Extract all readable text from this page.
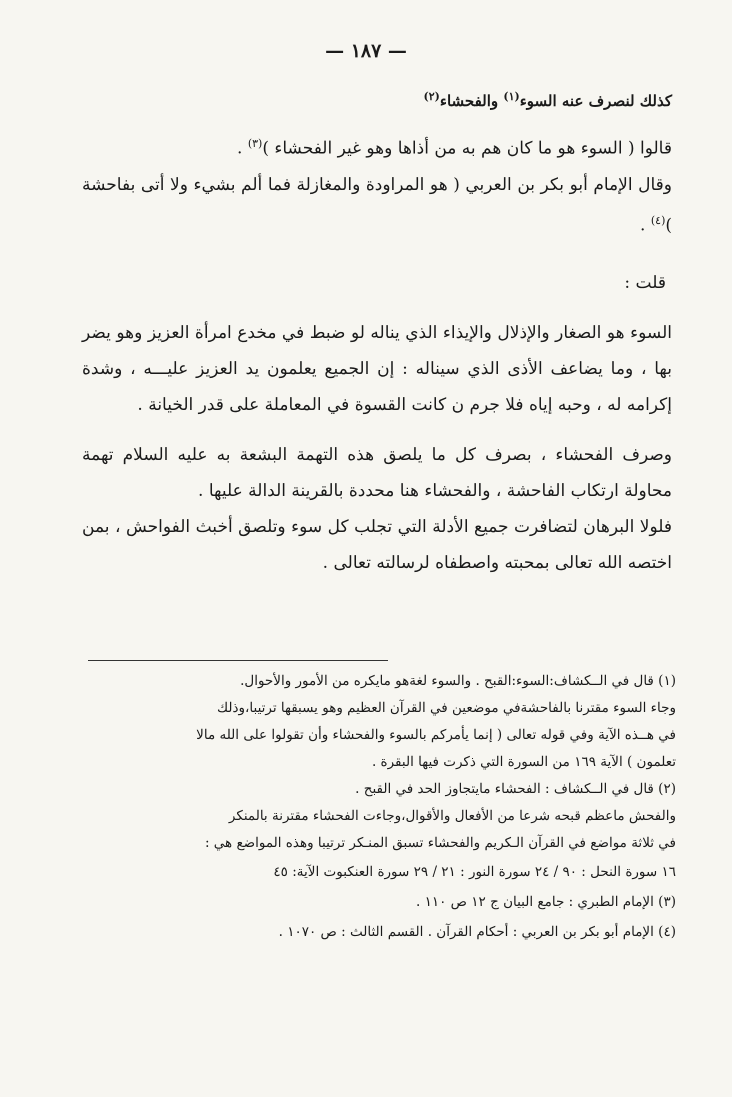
— ١٨٧ —

كذلك لنصرف عنه السوء$^{(١)}$ والفحشاء$^{(٢)}$

قالوا ( السوء هو ما كان هم به من أذاها وهو غير الفحشاء )$^{(٣)}$ .

وقال الإمام أبو بكر بن العربي ( هو المراودة والمغازلة فما ألم بشيء ولا أتى بفاحشة )$^{(٤)}$ .

قلت :

السوء هو الصغار والإذلال والإيذاء الذي يناله لو ضبط في مخدع امرأة العزيز وهو يضر بها ، وما يضاعف الأذى الذي سيناله : إن الجميع يعلمون يد العزيز عليـــه ، وشدة إكرامه له ، وحبه إياه فلا جرم ن كانت القسوة في المعاملة على قدر الخيانة .

وصرف الفحشاء ، بصرف كل ما يلصق هذه التهمة البشعة به عليه السلام تهمة محاولة ارتكاب الفاحشة ، والفحشاء هنا محددة بالقرينة الدالة عليها .

فلولا البرهان لتضافرت جميع الأدلة التي تجلب كل سوء وتلصق أخبث الفواحش ، بمن اختصه الله تعالى بمحبته واصطفاه لرسالته تعالى .

(١) قال في الــكشاف:السوء:القبح . والسوء لغةهو مايكره من الأمور والأحوال.

وجاء السوء مقترنا بالفاحشةفي موضعين في القرآن العظيم وهو يسبقها ترتيبا،وذلك

في هــذه الآية وفي قوله تعالى ( إنما يأمركم بالسوء والفحشاء وأن تقولوا على الله مالا

تعلمون ) الآية ١٦٩ من السورة التي ذكرت فيها البقرة .

(٢) قال في الــكشاف : الفحشاء مايتجاوز الحد في القبح .

والفحش ماعظم قبحه شرعا من الأفعال والأقوال،وجاءت الفحشاء مقترنة بالمنكر

في ثلاثة مواضع في القرآن الـكريم والفحشاء تسبق المنـكر ترتيبا وهذه المواضع هي :

١٦ سورة النحل : ٩٠ / ٢٤ سورة النور : ٢١ / ٢٩ سورة العنكبوت الآية: ٤٥

(٣) الإمام الطبري : جامع البيان ج ١٢ ص ١١٠ .

(٤) الإمام أبو بكر بن العربي : أحكام القرآن . القسم الثالث : ص ١٠٧٠ .
